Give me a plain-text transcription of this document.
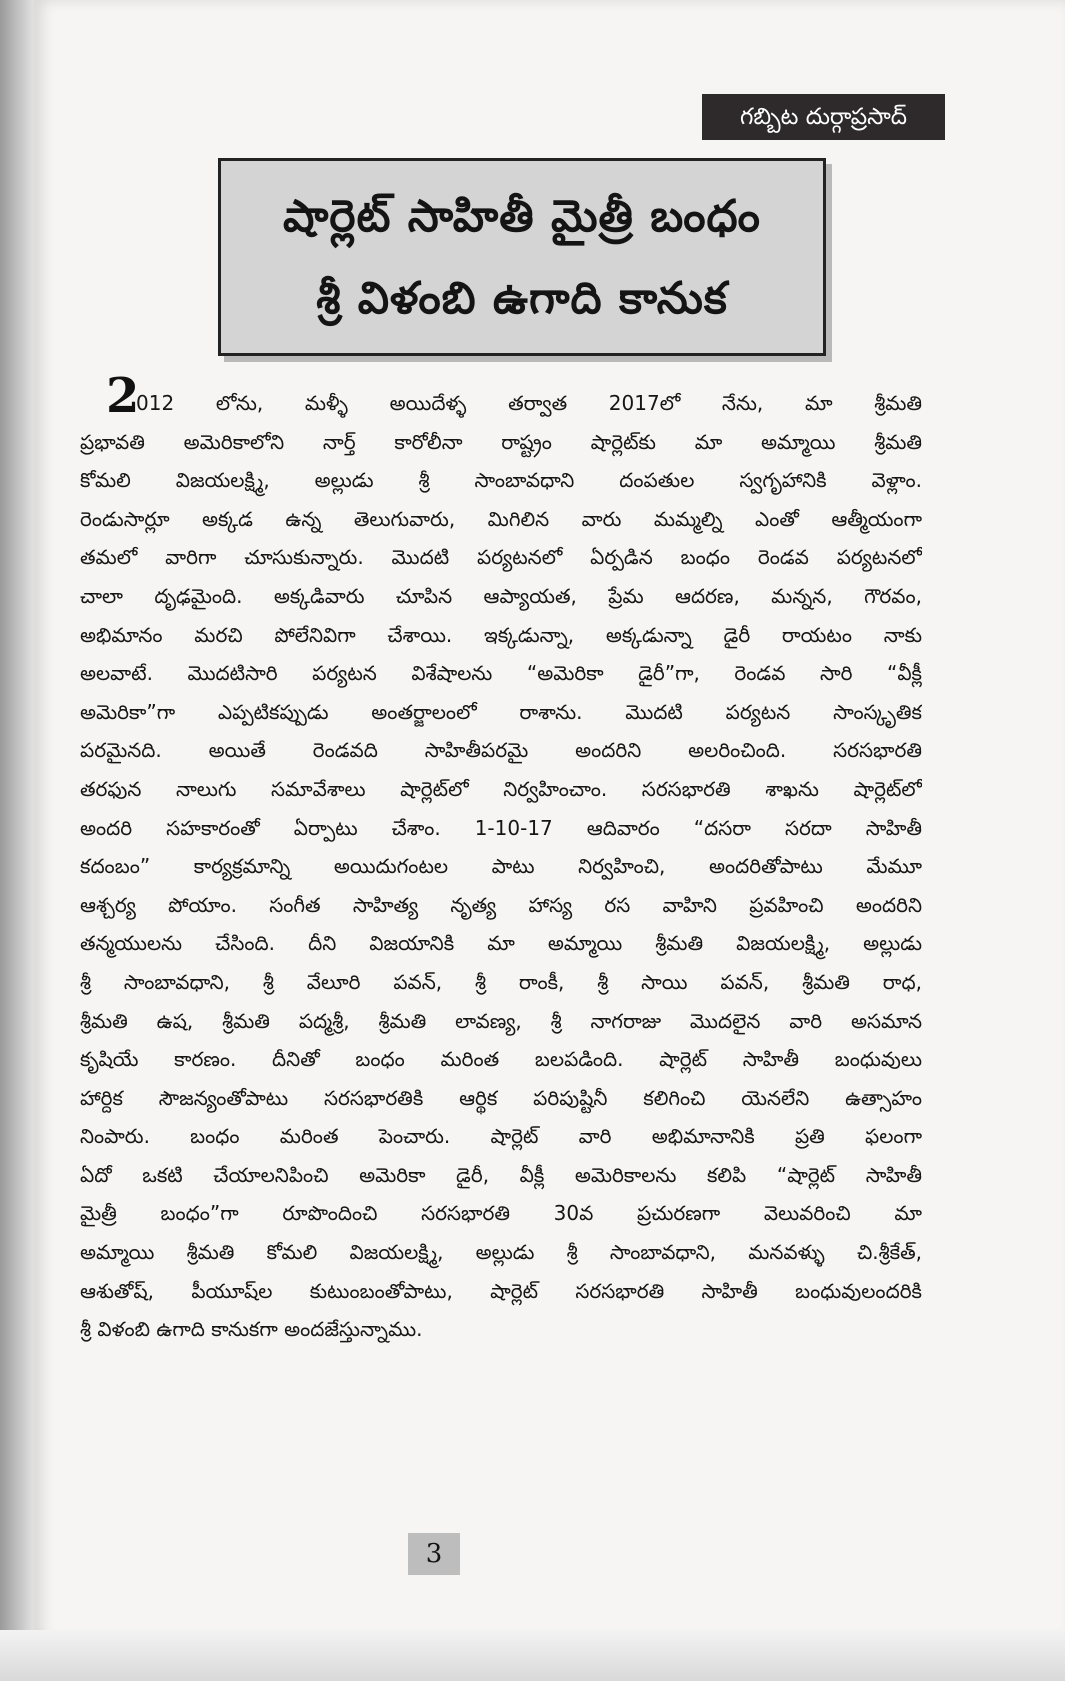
గబ్బిట దుర్గాప్రసాద్
షార్లెట్ సాహితీ మైత్రీ బంధం
శ్రీ విళంబి ఉగాది కానుక
2
012 లోను, మళ్ళీ అయిదేళ్ళ తర్వాత 2017లో నేను, మా శ్రీమతి
ప్రభావతి అమెరికాలోని నార్త్ కారోలీనా రాష్ట్రం షార్లెట్‌కు మా అమ్మాయి శ్రీమతి
కోమలి విజయలక్ష్మి, అల్లుడు శ్రీ సాంబావధాని దంపతుల స్వగృహానికి వెళ్లాం.
రెండుసార్లూ అక్కడ ఉన్న తెలుగువారు, మిగిలిన వారు మమ్మల్ని ఎంతో ఆత్మీయంగా
తమలో వారిగా చూసుకున్నారు. మొదటి పర్యటనలో ఏర్పడిన బంధం రెండవ పర్యటనలో
చాలా దృఢమైంది. అక్కడివారు చూపిన ఆప్యాయత, ప్రేమ ఆదరణ, మన్నన, గౌరవం,
అభిమానం మరచి పోలేనివిగా చేశాయి. ఇక్కడున్నా, అక్కడున్నా డైరీ రాయటం నాకు
అలవాటే. మొదటిసారి పర్యటన విశేషాలను “అమెరికా డైరీ”గా, రెండవ సారి “వీక్లీ
అమెరికా”గా ఎప్పటికప్పుడు అంతర్జాలంలో రాశాను. మొదటి పర్యటన సాంస్కృతిక
పరమైనది. అయితే రెండవది సాహితీపరమై అందరిని అలరించింది. సరసభారతి
తరఫున నాలుగు సమావేశాలు షార్లెట్‌లో నిర్వహించాం. సరసభారతి శాఖను షార్లెట్‌లో
అందరి సహకారంతో ఏర్పాటు చేశాం. 1-10-17 ఆదివారం “దసరా సరదా సాహితీ
కదంబం” కార్యక్రమాన్ని అయిదుగంటల పాటు నిర్వహించి, అందరితోపాటు మేమూ
ఆశ్చర్య పోయాం. సంగీత సాహిత్య నృత్య హాస్య రస వాహిని ప్రవహించి అందరిని
తన్మయులను చేసింది. దీని విజయానికి మా అమ్మాయి శ్రీమతి విజయలక్ష్మి, అల్లుడు
శ్రీ సాంబావధాని, శ్రీ వేలూరి పవన్, శ్రీ రాంకీ, శ్రీ సాయి పవన్, శ్రీమతి రాధ,
శ్రీమతి ఉష, శ్రీమతి పద్మశ్రీ, శ్రీమతి లావణ్య, శ్రీ నాగరాజు మొదలైన వారి అసమాన
కృషియే కారణం. దీనితో బంధం మరింత బలపడింది. షార్లెట్ సాహితీ బంధువులు
హార్దిక సౌజన్యంతోపాటు సరసభారతికి ఆర్థిక పరిపుష్టినీ కలిగించి యెనలేని ఉత్సాహం
నింపారు. బంధం మరింత పెంచారు. షార్లెట్ వారి అభిమానానికి ప్రతి ఫలంగా
ఏదో ఒకటి చేయాలనిపించి అమెరికా డైరీ, వీక్లీ అమెరికాలను కలిపి “షార్లెట్ సాహితీ
మైత్రీ బంధం”గా రూపొందించి సరసభారతి 30వ ప్రచురణగా వెలువరించి మా
అమ్మాయి శ్రీమతి కోమలి విజయలక్ష్మి, అల్లుడు శ్రీ సాంబావధాని, మనవళ్ళు చి.శ్రీకేత్,
ఆశుతోష్, పీయూష్‌ల కుటుంబంతోపాటు, షార్లెట్ సరసభారతి సాహితీ బంధువులందరికి
శ్రీ విళంబి ఉగాది కానుకగా అందజేస్తున్నాము.
3
